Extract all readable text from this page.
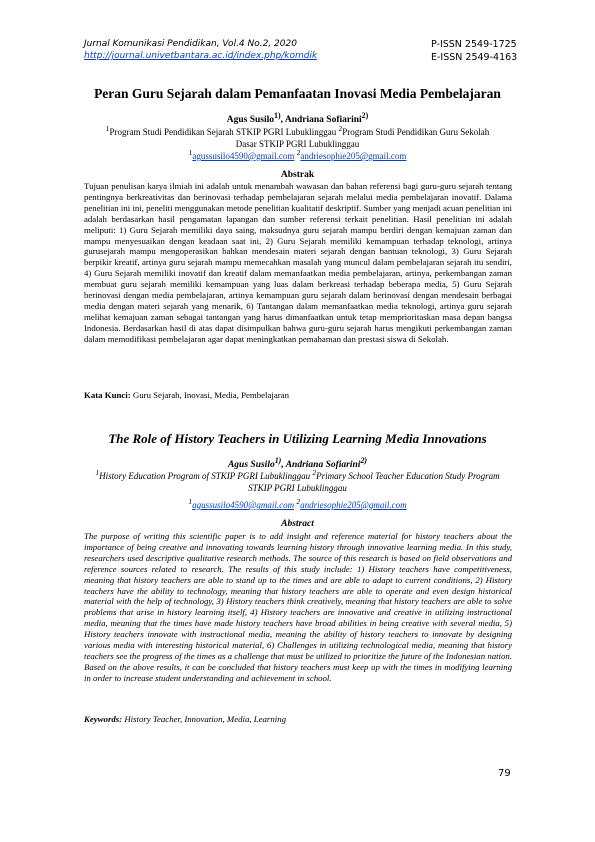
Jurnal Komunikasi Pendidikan, Vol.4 No.2, 2020
http://journal.univetbantara.ac.id/index.php/komdik
P-ISSN 2549-1725
E-ISSN 2549-4163
Peran Guru Sejarah dalam Pemanfaatan Inovasi Media Pembelajaran
Agus Susilo$^{1)}$, Andriana Sofiarini$^{2)}$
$^1$Program Studi Pendidikan Sejarah STKIP PGRI Lubuklinggau $^2$Program Studi Pendidikan Guru Sekolah Dasar STKIP PGRI Lubuklinggau
$^1$agussusilo4590@gmail.com $^2$andriesophie205@gmail.com
Abstrak
Tujuan penulisan karya ilmiah ini adalah untuk menambah wawasan dan bahan referensi bagi guru-guru sejarah tentang pentingnya berkreativitas dan berinovasi terhadap pembelajaran sejarah melalui media pembelajaran inovatif. Dalama penelitian ini ini, peneliti menggunakan metode penelitian kualitatif deskriptif. Sumber yang menjadi acuan penelitian ini adalah berdasarkan hasil pengamatan lapangan dan sumber referensi terkait penelitian. Hasil penelitian ini adalah meliputi: 1) Guru Sejarah memiliki daya saing, maksudnya guru sejarah mampu berdiri dengan kemajuan zaman dan mampu menyesuaikan dengan keadaan saat ini, 2) Guru Sejarah memiliki kemampuan terhadap teknologi, artinya gurusejarah mampu mengoperasikan bahkan mendesain materi sejarah dengan bantuan teknologi, 3) Guru Sejarah berpikir kreatif, artinya guru sejarah mampu memecahkan masalah yang muncul dalam pembelajaran sejarah itu sendiri, 4) Guru Sejarah memiliki inovatif dan kreatif dalam memanfaatkan media pembelajaran, artinya, perkembangan zaman membuat guru sejarah memiliki kemampuan yang luas dalam berkreasi terhadap beberapa media, 5) Guru Sejarah berinovasi dengan media pembelajaran, artinya kemampuan guru sejarah dalam berinovasi dengan mendesain berbagai media dengan materi sejarah yang menarik, 6) Tantangan dalam memanfaatkan media teknologi, artinya guru sejarah melihat kemajuan zaman sebagai tantangan yang harus dimanfaatkan untuk tetap memprioritaskan masa depan bangsa Indonesia. Berdasarkan hasil di atas dapat disimpulkan bahwa guru-guru sejarah harus mengikuti perkembangan zaman dalam memodifikasi pembelajaran agar dapat meningkatkan pemahaman dan prestasi siswa di Sekolah.
Kata Kunci: Guru Sejarah, Inovasi, Media, Pembelajaran
The Role of History Teachers in Utilizing Learning Media Innovations
Agus Susilo$^{1)}$, Andriana Sofiarini$^{2)}$
$^1$History Education Program of STKIP PGRI Lubuklinggau $^2$Primary School Teacher Education Study Program STKIP PGRI Lubuklinggau
$^1$agussusilo4590@gmail.com $^2$andriesophie205@gmail.com
Abstract
The purpose of writing this scientific paper is to add insight and reference material for history teachers about the importance of being creative and innovating towards learning history through innovative learning media. In this study, researchers used descriptive qualitative research methods. The source of this research is based on field observations and reference sources related to research. The results of this study include: 1) History teachers have competitiveness, meaning that history teachers are able to stand up to the times and are able to adapt to current conditions, 2) History teachers have the ability to technology, meaning that history teachers are able to operate and even design historical material with the help of technology, 3) History teachers think creatively, meaning that history teachers are able to solve problems that arise in history learning itself, 4) History teachers are innovative and creative in utilizing instructional media, meaning that the times have made history teachers have broad abilities in being creative with several media, 5) History teachers innovate with instructional media, meaning the ability of history teachers to innovate by designing various media with interesting historical material, 6) Challenges in utilizing technological media, meaning that history teachers see the progress of the times as a challenge that must be utilized to prioritize the future of the Indonesian nation. Based on the above results, it can be concluded that history teachers must keep up with the times in modifying learning in order to increase student understanding and achievement in school.
Keywords: History Teacher, Innovation, Media, Learning
79
